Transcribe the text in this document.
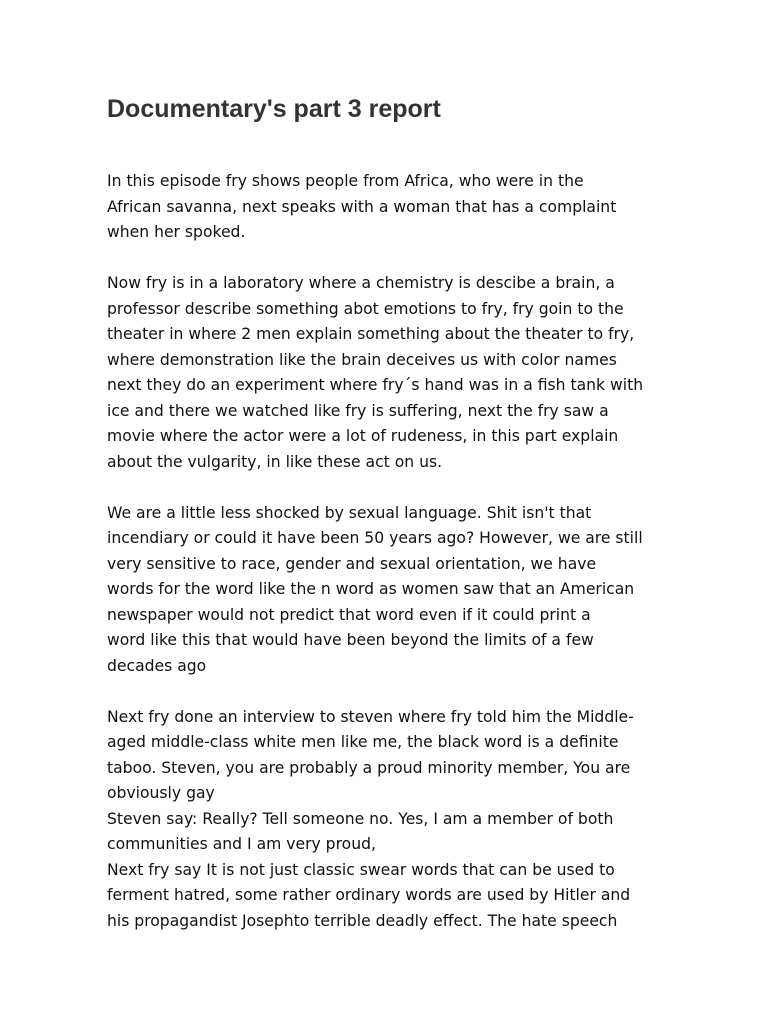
Documentary's part 3 report
In this episode fry shows people from Africa, who were in the
African savanna, next speaks with a woman that has a complaint
when her spoked.
Now fry is in a laboratory where a chemistry is descibe a brain, a
professor describe something abot emotions to fry, fry goin to the
theater in where 2 men explain something about the theater to fry,
where demonstration like the brain deceives us with color names
next they do an experiment where fry´s hand was in a fish tank with
ice and there we watched like fry is suffering, next the fry saw a
movie where the actor were a lot of rudeness, in this part explain
about the vulgarity, in like these act on us.
We are a little less shocked by sexual language. Shit isn't that
incendiary or could it have been 50 years ago? However, we are still
very sensitive to race, gender and sexual orientation, we have
words for the word like the n word as women saw that an American
newspaper would not predict that word even if it could print a
word like this that would have been beyond the limits of a few
decades ago
Next fry done an interview to steven where fry told him the Middle-
aged middle-class white men like me, the black word is a definite
taboo. Steven, you are probably a proud minority member, You are
obviously gay
Steven say: Really? Tell someone no. Yes, I am a member of both
communities and I am very proud,
Next fry say It is not just classic swear words that can be used to
ferment hatred, some rather ordinary words are used by Hitler and
his propagandist Josephto terrible deadly effect. The hate speech
